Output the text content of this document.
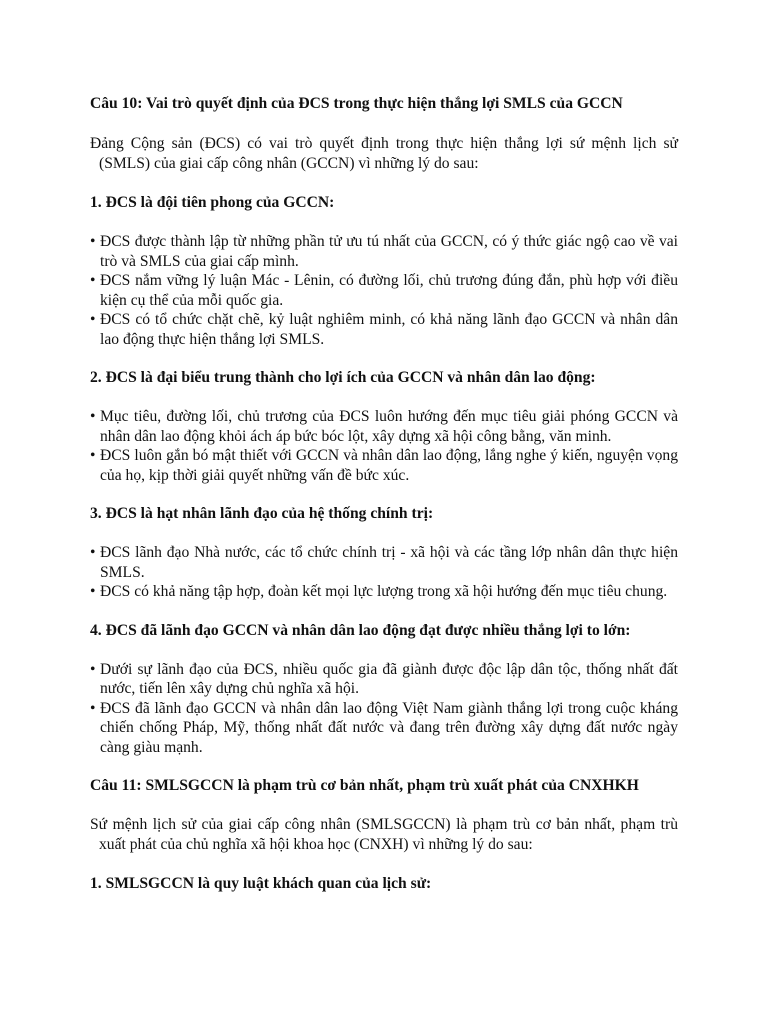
Câu 10: Vai trò quyết định của ĐCS trong thực hiện thắng lợi SMLS của GCCN

Đảng Cộng sản (ĐCS) có vai trò quyết định trong thực hiện thắng lợi sứ mệnh lịch sử (SMLS) của giai cấp công nhân (GCCN) vì những lý do sau:

1. ĐCS là đội tiên phong của GCCN:

• ĐCS được thành lập từ những phần tử ưu tú nhất của GCCN, có ý thức giác ngộ cao về vai trò và SMLS của giai cấp mình.
• ĐCS nắm vững lý luận Mác - Lênin, có đường lối, chủ trương đúng đắn, phù hợp với điều kiện cụ thể của mỗi quốc gia.
• ĐCS có tổ chức chặt chẽ, kỷ luật nghiêm minh, có khả năng lãnh đạo GCCN và nhân dân lao động thực hiện thắng lợi SMLS.

2. ĐCS là đại biểu trung thành cho lợi ích của GCCN và nhân dân lao động:

• Mục tiêu, đường lối, chủ trương của ĐCS luôn hướng đến mục tiêu giải phóng GCCN và nhân dân lao động khỏi ách áp bức bóc lột, xây dựng xã hội công bằng, văn minh.
• ĐCS luôn gắn bó mật thiết với GCCN và nhân dân lao động, lắng nghe ý kiến, nguyện vọng của họ, kịp thời giải quyết những vấn đề bức xúc.

3. ĐCS là hạt nhân lãnh đạo của hệ thống chính trị:

• ĐCS lãnh đạo Nhà nước, các tổ chức chính trị - xã hội và các tầng lớp nhân dân thực hiện SMLS.
• ĐCS có khả năng tập hợp, đoàn kết mọi lực lượng trong xã hội hướng đến mục tiêu chung.

4. ĐCS đã lãnh đạo GCCN và nhân dân lao động đạt được nhiều thắng lợi to lớn:

• Dưới sự lãnh đạo của ĐCS, nhiều quốc gia đã giành được độc lập dân tộc, thống nhất đất nước, tiến lên xây dựng chủ nghĩa xã hội.
• ĐCS đã lãnh đạo GCCN và nhân dân lao động Việt Nam giành thắng lợi trong cuộc kháng chiến chống Pháp, Mỹ, thống nhất đất nước và đang trên đường xây dựng đất nước ngày càng giàu mạnh.

Câu 11: SMLSGCCN là phạm trù cơ bản nhất, phạm trù xuất phát của CNXHKH

Sứ mệnh lịch sử của giai cấp công nhân (SMLSGCCN) là phạm trù cơ bản nhất, phạm trù xuất phát của chủ nghĩa xã hội khoa học (CNXH) vì những lý do sau:

1. SMLSGCCN là quy luật khách quan của lịch sử:
